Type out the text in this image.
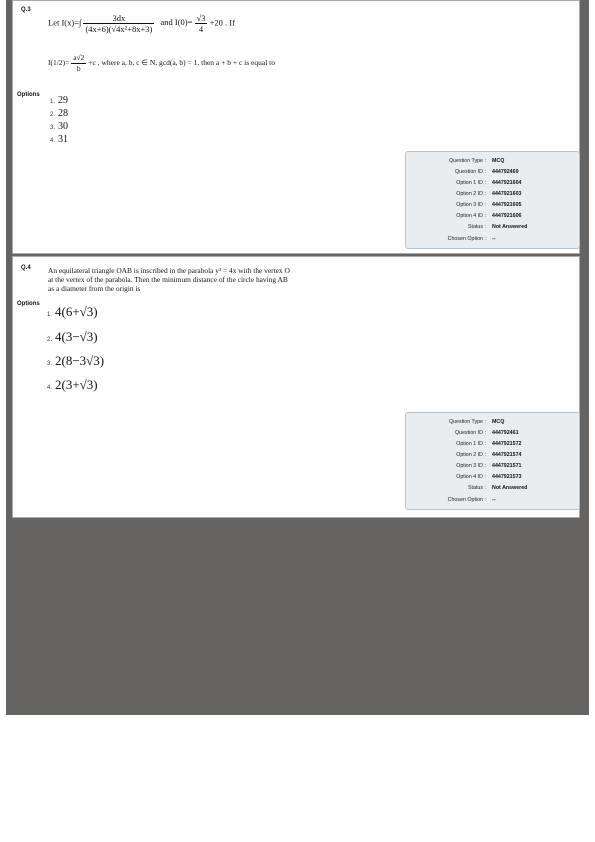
Q.3
Let $I(x)=\int \frac{3dx}{\text{(4x+6)(√4x²+8x+3)}}$ and $I(0)= \frac{√3}{4} +20$ . If
$I(1/2)= \frac{a√2}{b} +c$ , where a, b, c ∈ N, gcd(a, b) = 1, then a + b + c is equal to
Options
1. 29
2. 28
3. 30
4. 31
Question Type : MCQ
Question ID : 444792469
Option 1 ID : 4447921604
Option 2 ID : 4447921603
Option 3 ID : 4447921605
Option 4 ID : 4447921606
Status : Not Answered
Chosen Option : --
Q.4 An equilateral triangle OAB is inscribed in the parabola y² = 4x with the vertex O
at the vertex of the parabola. Then the minimum distance of the circle having AB
as a diameter from the origin is
Options
1. 4(6+√3)
2. 4(3−√3)
3. 2(8−3√3)
4. 2(3+√3)
Question Type : MCQ
Question ID : 444792461
Option 1 ID : 4447921572
Option 2 ID : 4447921574
Option 3 ID : 4447921571
Option 4 ID : 4447921573
Status : Not Answered
Chosen Option : --
